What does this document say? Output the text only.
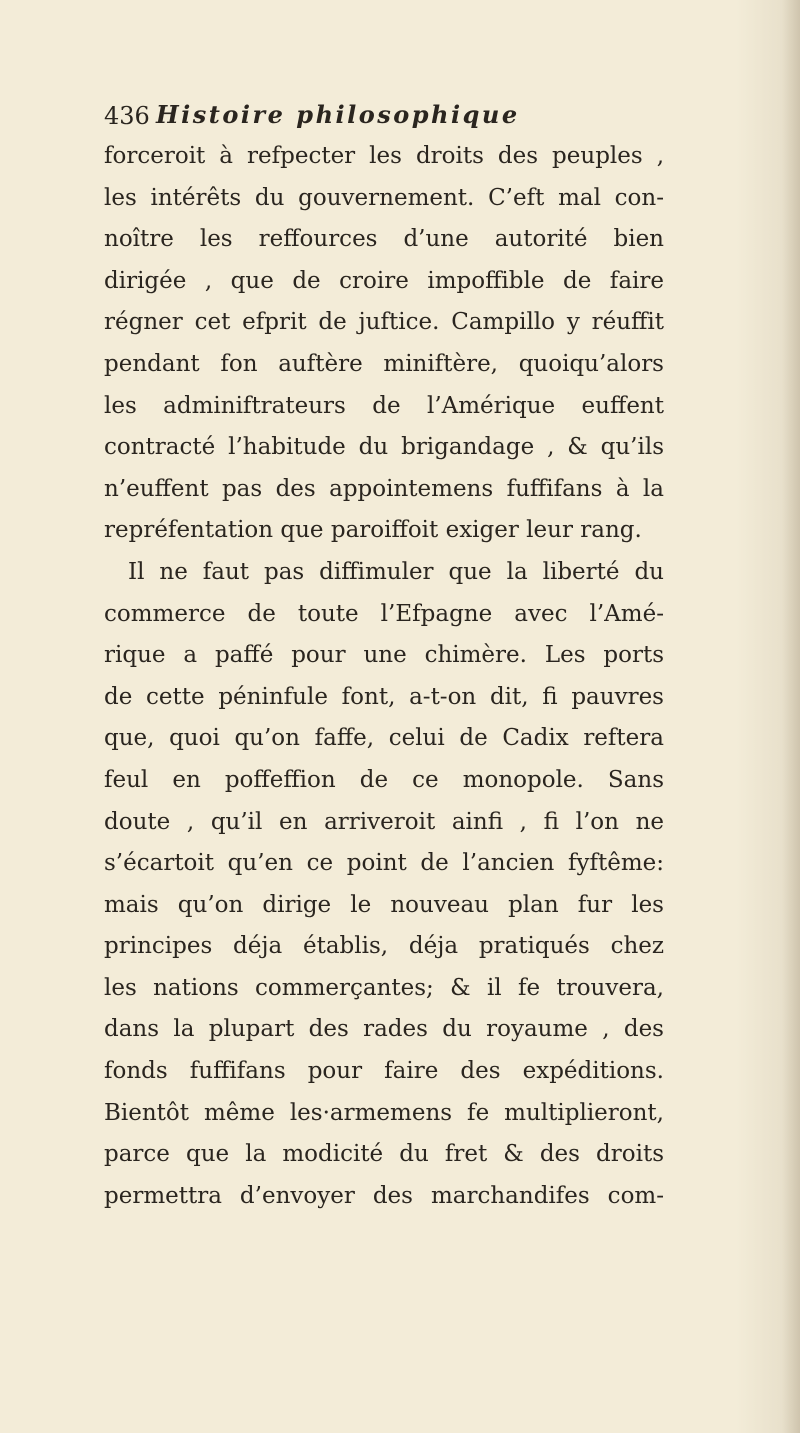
436 Histoire philosophique
forceroit à refpecter les droits des peuples ,
les intérêts du gouvernement. C’eft mal con-
noître les reffources d’une autorité bien
dirigée , que de croire impoffible de faire
régner cet efprit de juftice. Campillo y réuffit
pendant fon auftère miniftère, quoiqu’alors
les adminiftrateurs de l’Amérique euffent
contracté l’habitude du brigandage , & qu’ils
n’euffent pas des appointemens fuffifans à la
repréfentation que paroiffoit exiger leur rang.
Il ne faut pas diffimuler que la liberté du
commerce de toute l’Efpagne avec l’Amé-
rique a paffé pour une chimère. Les ports
de cette péninfule font, a-t-on dit, fi pauvres
que, quoi qu’on faffe, celui de Cadix reftera
feul en poffeffion de ce monopole. Sans
doute , qu’il en arriveroit ainfi , fi l’on ne
s’écartoit qu’en ce point de l’ancien fyftême:
mais qu’on dirige le nouveau plan fur les
principes déja établis, déja pratiqués chez
les nations commerçantes; & il fe trouvera,
dans la plupart des rades du royaume , des
fonds fuffifans pour faire des expéditions.
Bientôt même les·armemens fe multiplieront,
parce que la modicité du fret & des droits
permettra d’envoyer des marchandifes com-
